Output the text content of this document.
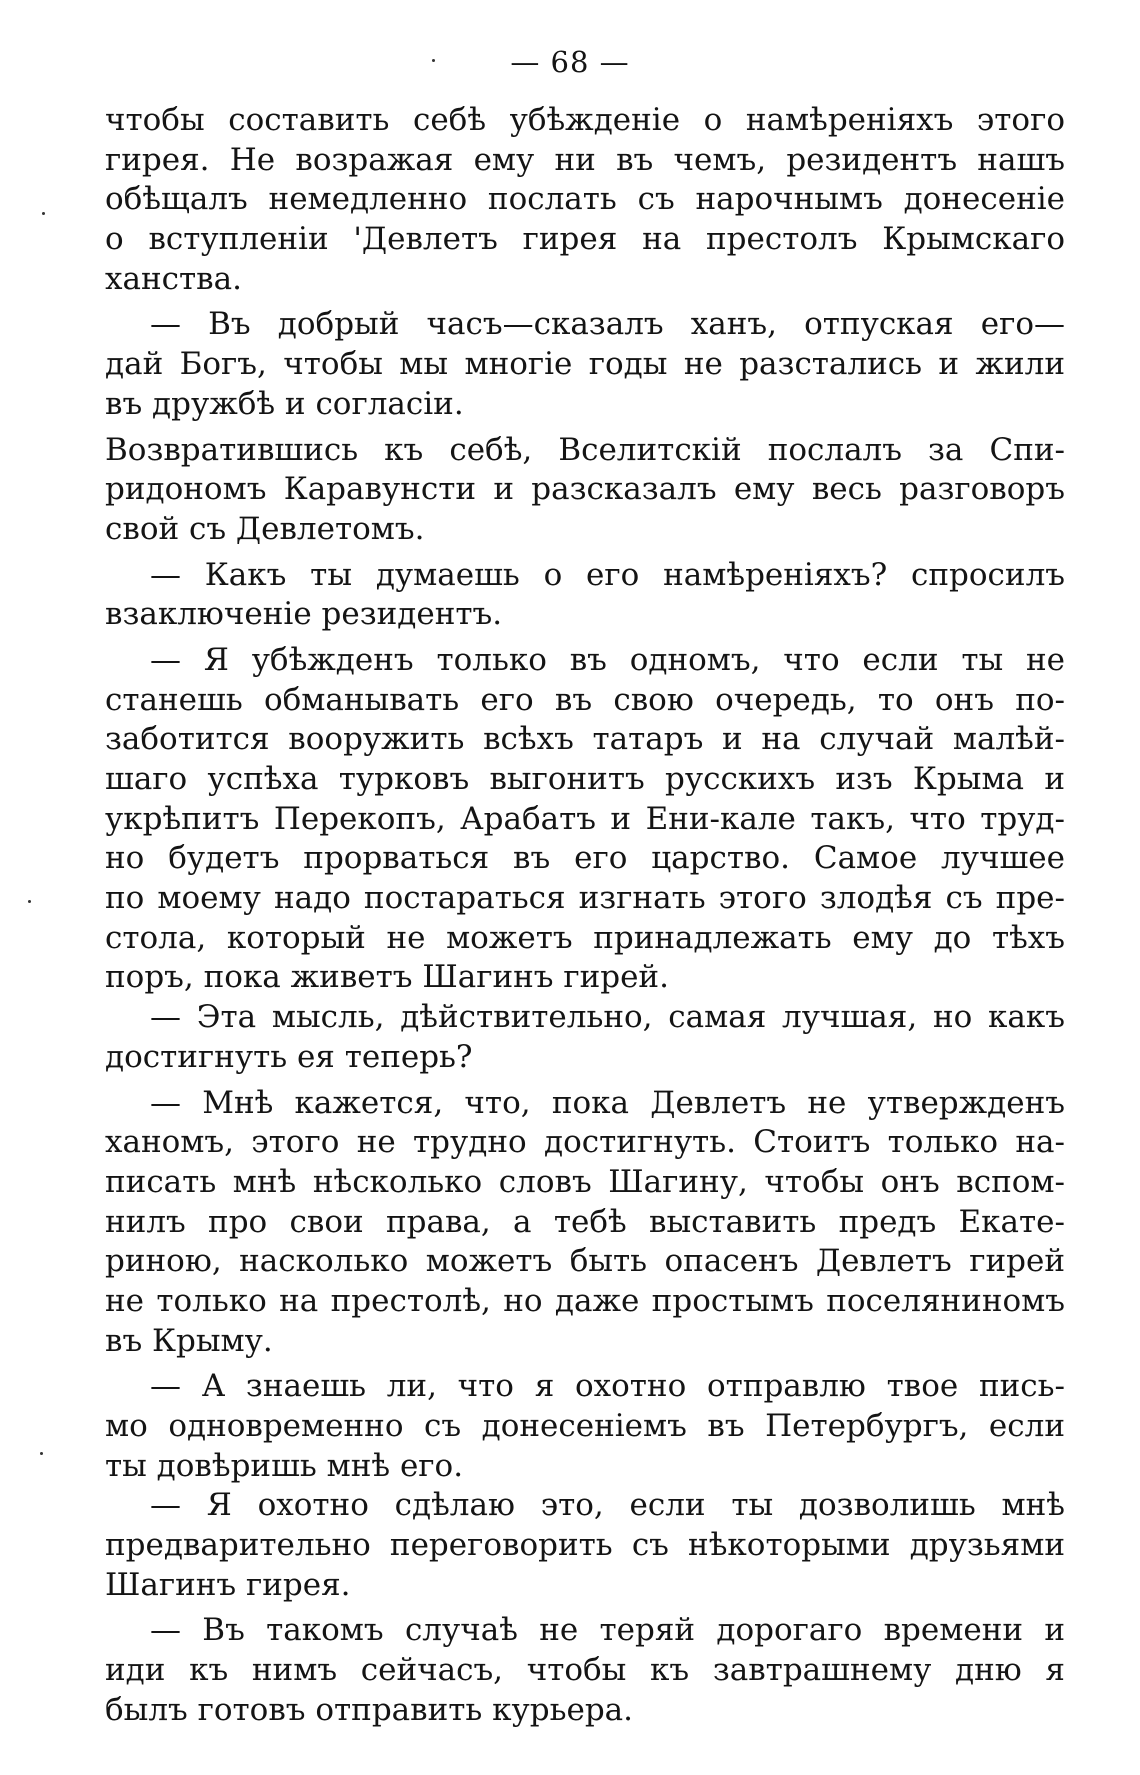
— 68 —
чтобы составить себѣ убѣжденіе о намѣреніяхъ этого
гирея. Не возражая ему ни въ чемъ, резидентъ нашъ
обѣщалъ немедленно послать съ нарочнымъ донесеніе
о вступленіи 'Девлетъ гирея на престолъ Крымскаго
ханства.
— Въ добрый часъ—сказалъ ханъ, отпуская его—
дай Богъ, чтобы мы многіе годы не разстались и жили
въ дружбѣ и согласіи.
Возвратившись къ себѣ, Вселитскій послалъ за Спи-
ридономъ Каравунсти и разсказалъ ему весь разговоръ
свой съ Девлетомъ.
— Какъ ты думаешь о его намѣреніяхъ? спросилъ
взаключеніе резидентъ.
— Я убѣжденъ только въ одномъ, что если ты не
станешь обманывать его въ свою очередь, то онъ по-
заботится вооружить всѣхъ татаръ и на случай малѣй-
шаго успѣха турковъ выгонитъ русскихъ изъ Крыма и
укрѣпитъ Перекопъ, Арабатъ и Ени-кале такъ, что труд-
но будетъ прорваться въ его царство. Самое лучшее
по моему надо постараться изгнать этого злодѣя съ пре-
стола, который не можетъ принадлежать ему до тѣхъ
поръ, пока живетъ Шагинъ гирей.
— Эта мысль, дѣйствительно, самая лучшая, но какъ
достигнуть ея теперь?
— Мнѣ кажется, что, пока Девлетъ не утвержденъ
ханомъ, этого не трудно достигнуть. Стоитъ только на-
писать мнѣ нѣсколько словъ Шагину, чтобы онъ вспом-
нилъ про свои права, а тебѣ выставить предъ Екате-
риною, насколько можетъ быть опасенъ Девлетъ гирей
не только на престолѣ, но даже простымъ поселяниномъ
въ Крыму.
— А знаешь ли, что я охотно отправлю твое пись-
мо одновременно съ донесеніемъ въ Петербургъ, если
ты довѣришь мнѣ его.
— Я охотно сдѣлаю это, если ты дозволишь мнѣ
предварительно переговорить съ нѣкоторыми друзьями
Шагинъ гирея.
— Въ такомъ случаѣ не теряй дорогаго времени и
иди къ нимъ сейчасъ, чтобы къ завтрашнему дню я
былъ готовъ отправить курьера.
